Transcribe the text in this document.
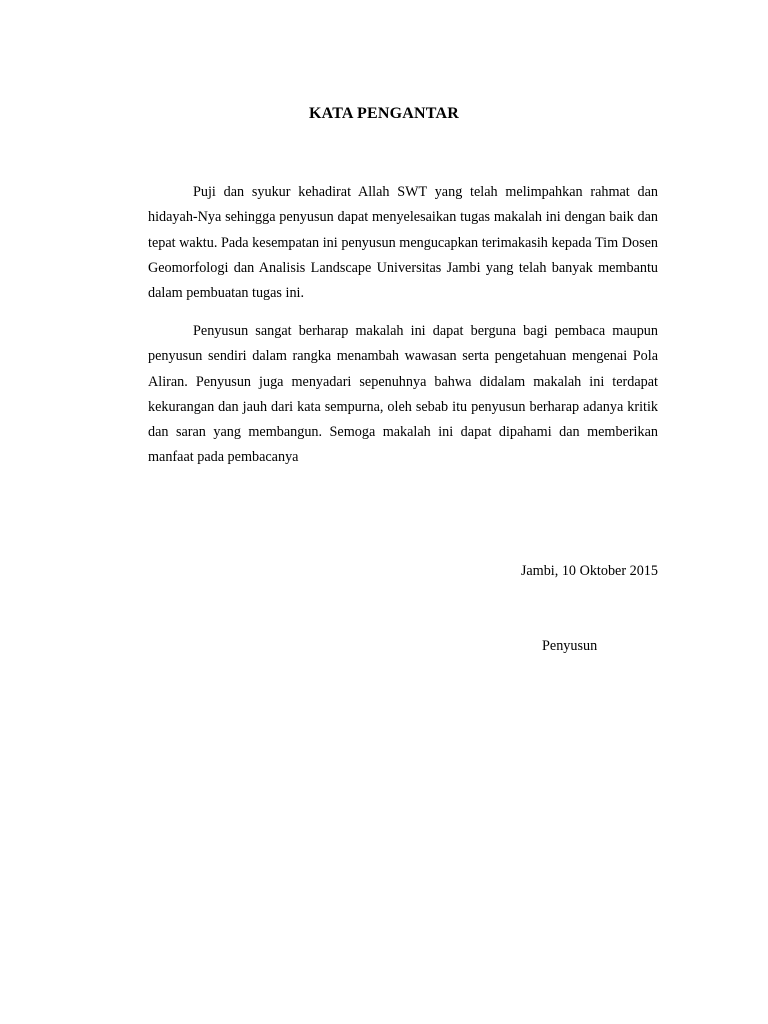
KATA PENGANTAR

Puji dan syukur kehadirat Allah SWT yang telah melimpahkan rahmat dan hidayah-Nya sehingga penyusun dapat menyelesaikan tugas makalah ini dengan baik dan tepat waktu. Pada kesempatan ini penyusun mengucapkan terimakasih kepada Tim Dosen Geomorfologi dan Analisis Landscape Universitas Jambi yang telah banyak membantu dalam pembuatan tugas ini.

Penyusun sangat berharap makalah ini dapat berguna bagi pembaca maupun penyusun sendiri dalam rangka menambah wawasan serta pengetahuan mengenai Pola Aliran. Penyusun juga menyadari sepenuhnya bahwa didalam makalah ini terdapat kekurangan dan jauh dari kata sempurna, oleh sebab itu penyusun berharap adanya kritik dan saran yang membangun. Semoga makalah ini dapat dipahami dan memberikan manfaat pada pembacanya

Jambi, 10 Oktober 2015
Penyusun
